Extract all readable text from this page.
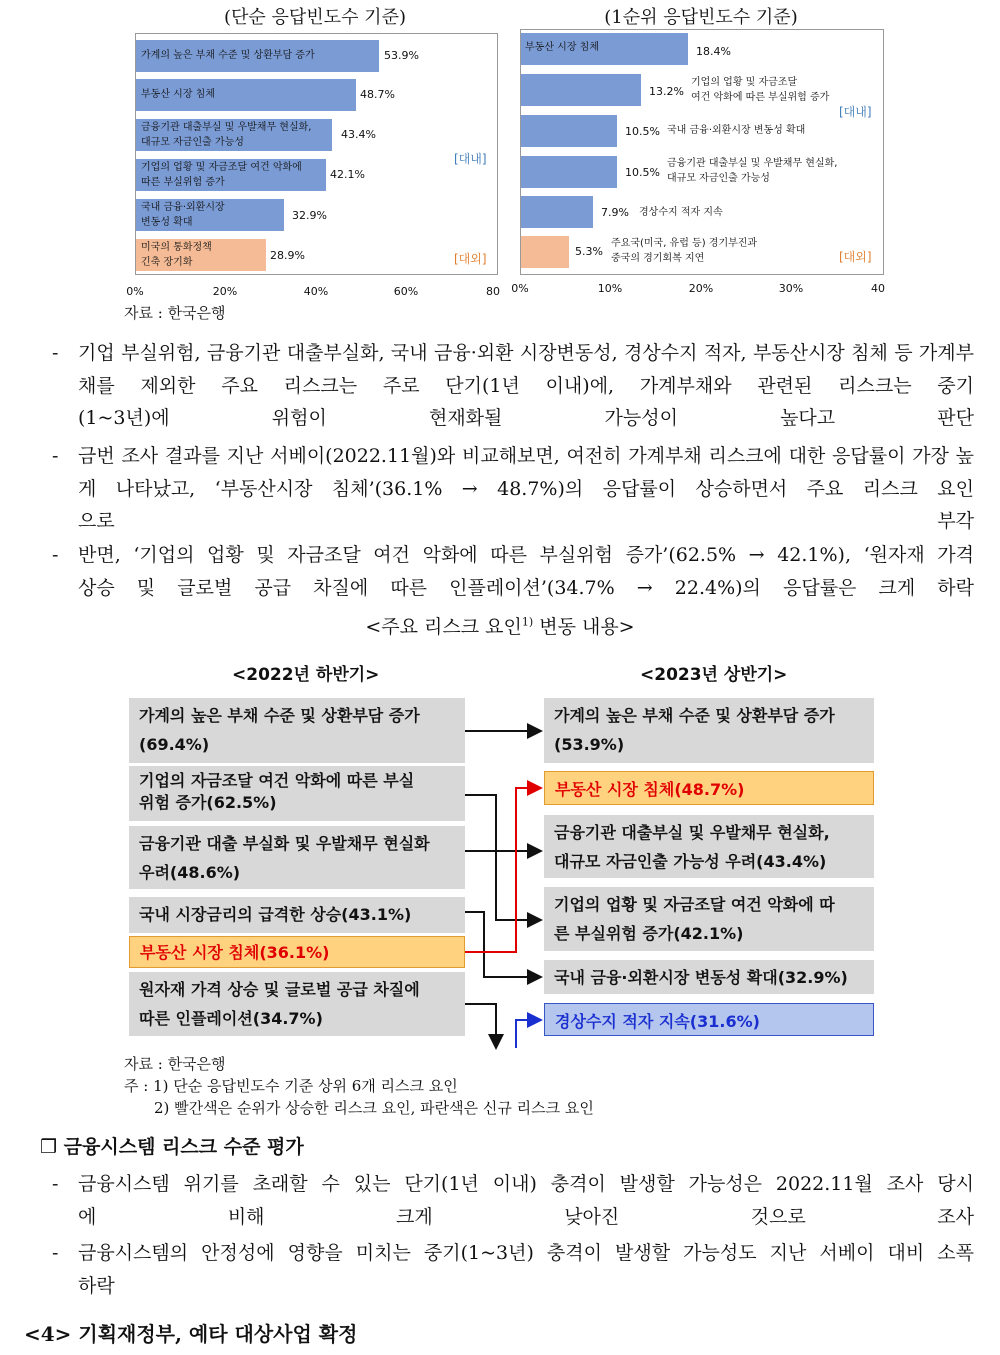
(단순 응답빈도수 기준)	(1순위 응답빈도수 기준)
가계의 높은 부채 수준 및 상환부담 증가	53.9%
부동산 시장 침체	48.7%
금융기관 대출부실 및 우발채무 현실화,
대규모 자금인출 가능성
43.4%
기업의 업황 및 자금조달 여건 악화에
따른 부실위험 증가
42.1%
국내 금융·외환시장
변동성 확대
32.9%
미국의 통화정책
긴축 장기화
28.9%
[대내]
[대외]
0%	20%	40%	60%	80
부동산 시장 침체	18.4%
13.2%
기업의 업황 및 자금조달
여건 악화에 따른 부실위험 증가
10.5% 국내 금융·외환시장 변동성 확대
10.5%
금융기관 대출부실 및 우발채무 현실화,
대규모 자금인출 가능성
7.9% 경상수지 적자 지속
5.3%
주요국(미국, 유럽 등) 경기부진과
중국의 경기회복 지연
[대내]
[대외]
0%	10%	20%	30%	40
자료 : 한국은행
- 기업 부실위험, 금융기관 대출부실화, 국내 금융·외환 시장변동성, 경상수지 적자, 부동산시장 침체 등 가계부채를 제외한 주요 리스크는 주로 단기(1년 이내)에, 가계부채와 관련된 리스크는 중기
(1~3년)에 위험이 현재화될 가능성이 높다고 판단
- 금번 조사 결과를 지난 서베이(2022.11월)와 비교해보면, 여전히 가계부채 리스크에 대한 응답률이 가장 높게 나타났고, ‘부동산시장 침체’(36.1% → 48.7%)의 응답률이 상승하면서 주요 리스크 요인
으로 부각
- 반면, ‘기업의 업황 및 자금조달 여건 악화에 따른 부실위험 증가’(62.5% → 42.1%), ‘원자재 가격
상승 및 글로벌 공급 차질에 따른 인플레이션’(34.7% → 22.4%)의 응답률은 크게 하락
<주요 리스크 요인$^{1)}$ 변동 내용>
<2022년 하반기>	<2023년 상반기>
가계의 높은 부채 수준 및 상환부담 증가
(69.4%)
기업의 자금조달 여건 악화에 따른 부실
위험 증가(62.5%)
금융기관 대출 부실화 및 우발채무 현실화
우려(48.6%)
국내 시장금리의 급격한 상승(43.1%)
부동산 시장 침체(36.1%)
원자재 가격 상승 및 글로벌 공급 차질에
따른 인플레이션(34.7%)
가계의 높은 부채 수준 및 상환부담 증가
(53.9%)
부동산 시장 침체(48.7%)
금융기관 대출부실 및 우발채무 현실화,
대규모 자금인출 가능성 우려(43.4%)
기업의 업황 및 자금조달 여건 악화에 따
른 부실위험 증가(42.1%)
국내 금융·외환시장 변동성 확대(32.9%)
경상수지 적자 지속(31.6%)
자료 : 한국은행
주 : 1) 단순 응답빈도수 기준 상위 6개 리스크 요인
2) 빨간색은 순위가 상승한 리스크 요인, 파란색은 신규 리스크 요인
❒ 금융시스템 리스크 수준 평가
- 금융시스템 위기를 초래할 수 있는 단기(1년 이내) 충격이 발생할 가능성은 2022.11월 조사 당시
에 비해 크게 낮아진 것으로 조사
- 금융시스템의 안정성에 영향을 미치는 중기(1~3년) 충격이 발생할 가능성도 지난 서베이 대비 소폭
하락
<4> 기획재정부, 예타 대상사업 확정
